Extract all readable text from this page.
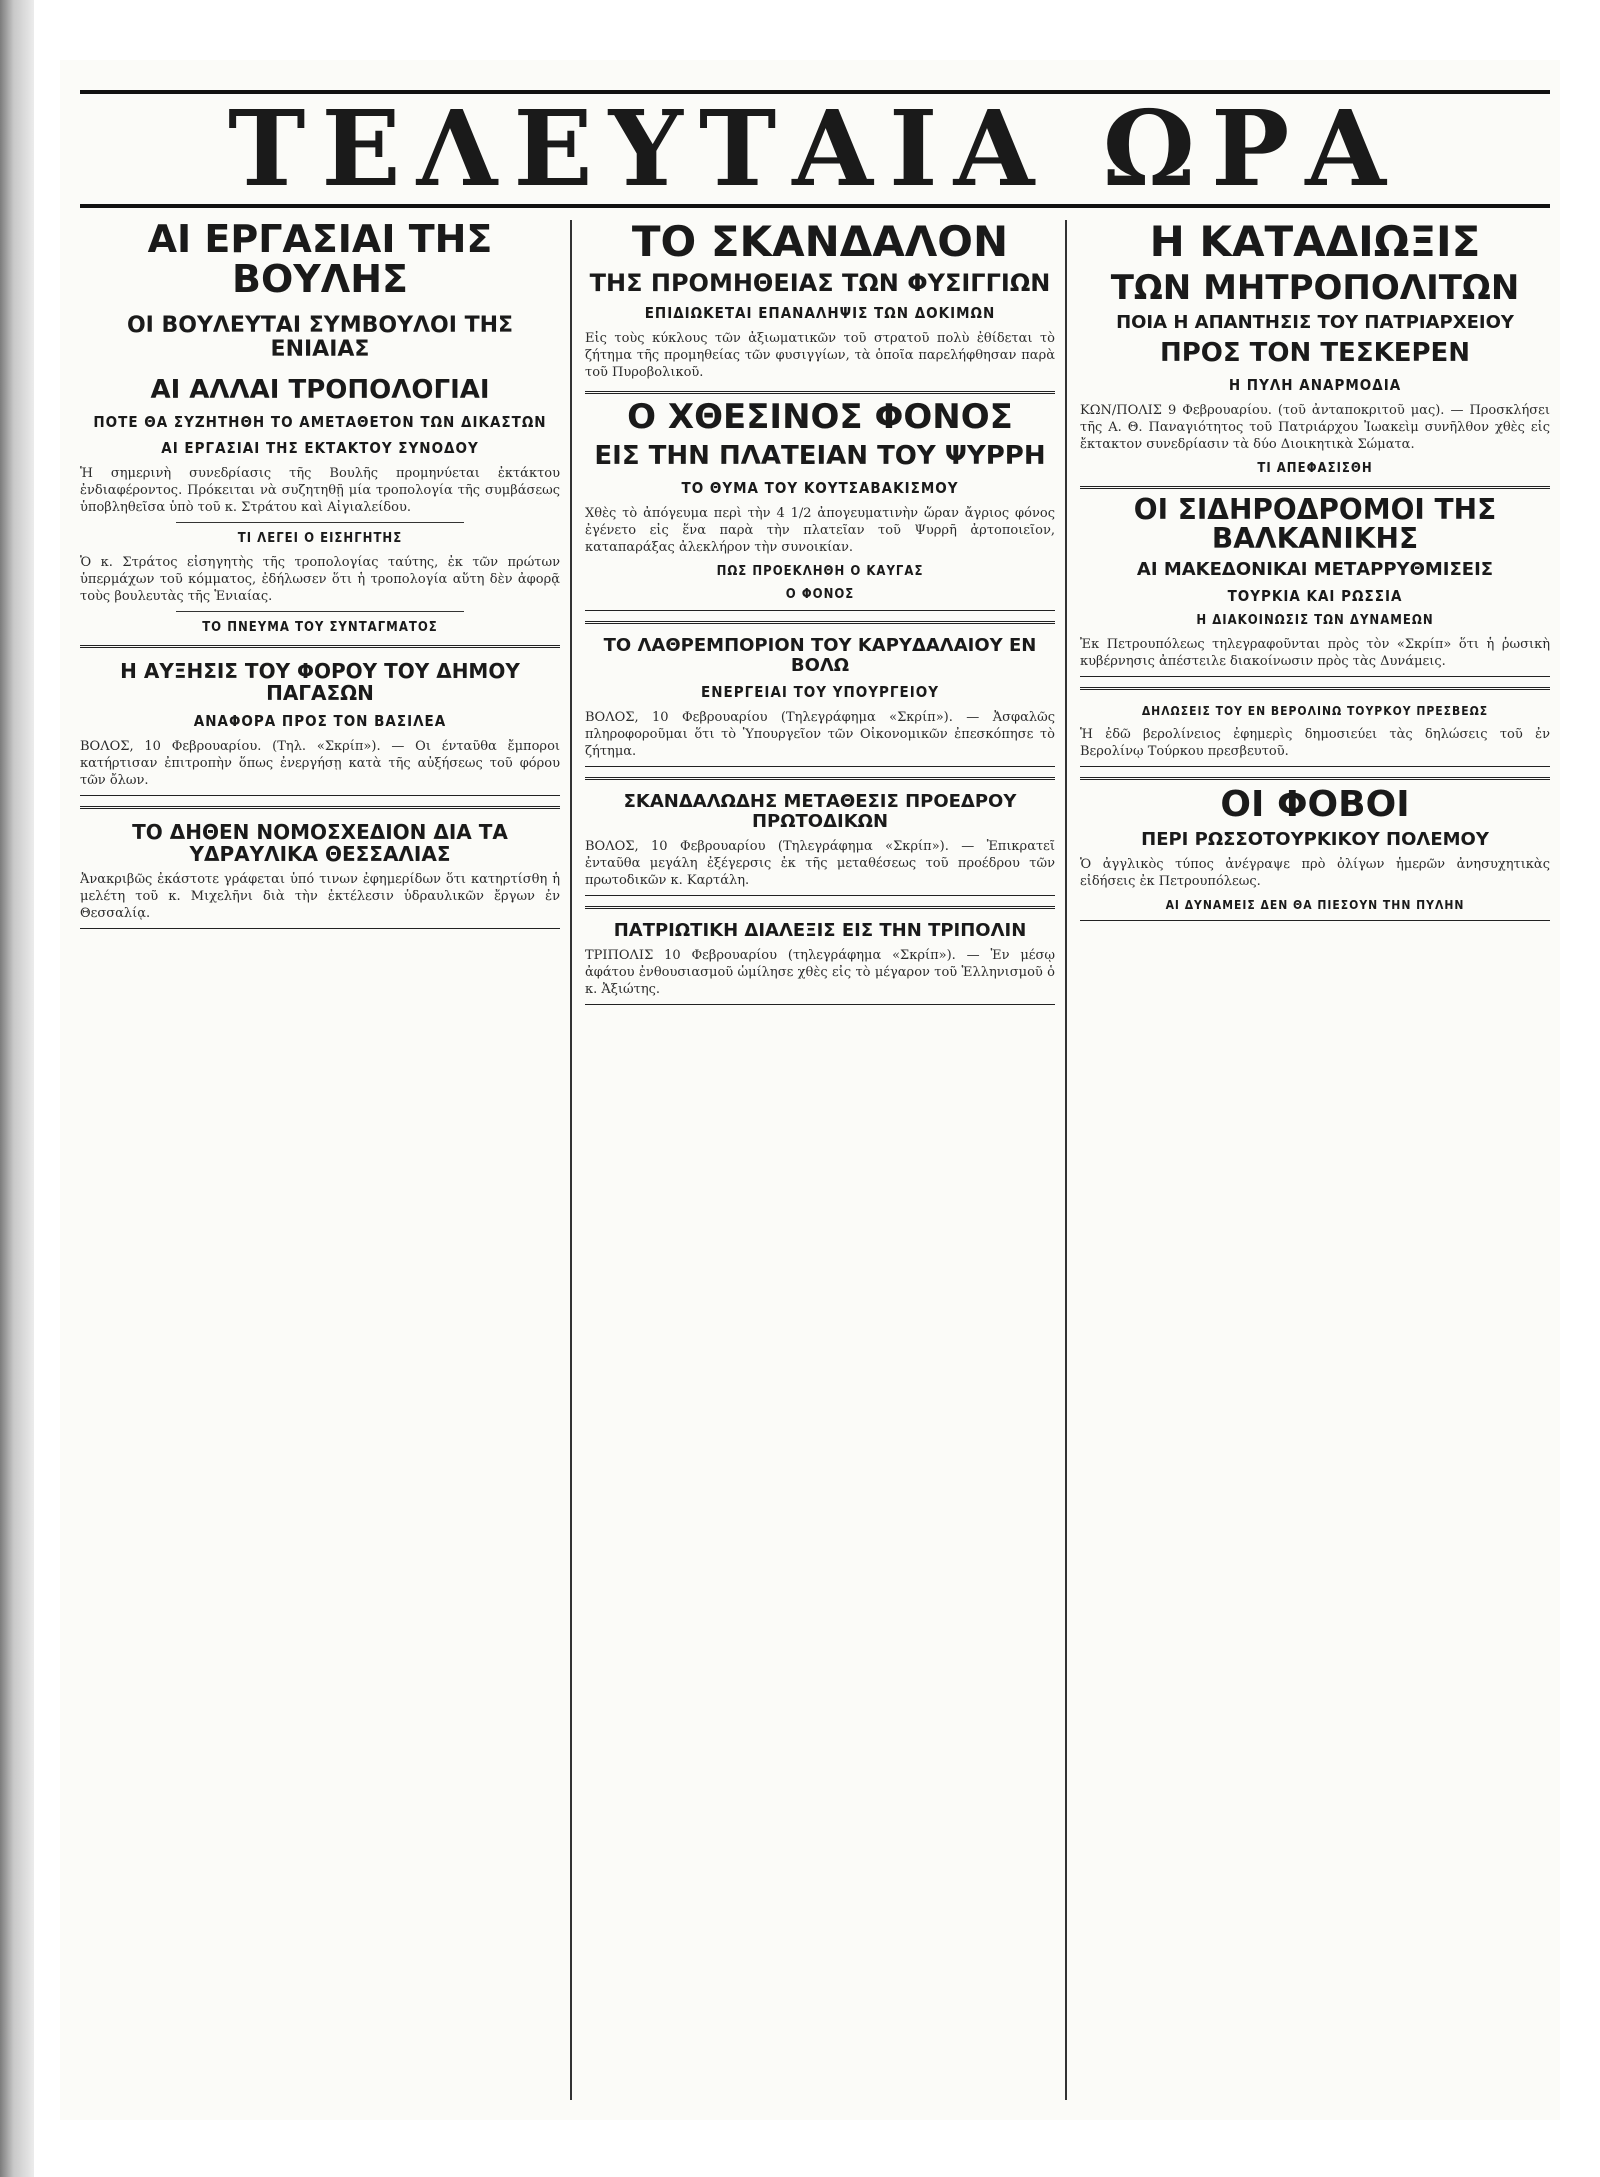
ΤΕΛΕΥΤΑΙΑ ΩΡΑ

ΑΙ ΕΡΓΑΣΙΑΙ ΤΗΣ ΒΟΥΛΗΣ

ΟΙ ΒΟΥΛΕΥΤΑΙ ΣΥΜΒΟΥΛΟΙ ΤΗΣ ΕΝΙΑΙΑΣ

ΑΙ ΑΛΛΑΙ ΤΡΟΠΟΛΟΓΙΑΙ

ΠΟΤΕ ΘΑ ΣΥΖΗΤΗΘΗ ΤΟ ΑΜΕΤΑΘΕΤΟΝ ΤΩΝ ΔΙΚΑΣΤΩΝ

ΑΙ ΕΡΓΑΣΙΑΙ ΤΗΣ ΕΚΤΑΚΤΟΥ ΣΥΝΟΔΟΥ

Ἡ σημερινὴ συνεδρίασις τῆς Βουλῆς προμηνύεται ἐκτάκτου ἐνδιαφέροντος. Πρόκειται νὰ συζητηθῇ μία τροπολογία τῆς συμβάσεως ὑποβληθεῖσα ὑπὸ τοῦ κ. Στράτου καὶ Αἰγιαλείδου.

ΤΙ ΛΕΓΕΙ Ο ΕΙΣΗΓΗΤΗΣ

Ὁ κ. Στράτος εἰσηγητὴς τῆς τροπολογίας ταύτης, ἐκ τῶν πρώτων ὑπερμάχων τοῦ κόμματος, ἐδήλωσεν ὅτι ἡ τροπολογία αὕτη δὲν ἀφορᾷ τοὺς βουλευτὰς τῆς Ἑνιαίας.

ΤΟ ΠΝΕΥΜΑ ΤΟΥ ΣΥΝΤΑΓΜΑΤΟΣ

Η ΑΥΞΗΣΙΣ ΤΟΥ ΦΟΡΟΥ ΤΟΥ ΔΗΜΟΥ ΠΑΓΑΣΩΝ

ΑΝΑΦΟΡΑ ΠΡΟΣ ΤΟΝ ΒΑΣΙΛΕΑ

ΒΟΛΟΣ, 10 Φεβρουαρίου. (Τηλ. «Σκρίπ»). — Οι ένταῦθα ἔμποροι κατήρτισαν ἐπιτροπὴν ὅπως ἐνεργήσῃ κατὰ τῆς αὐξήσεως τοῦ φόρου τῶν ὄλων.

ΤΟ ΔΗΘΕΝ ΝΟΜΟΣΧΕΔΙΟΝ ΔΙΑ ΤΑ ΥΔΡΑΥΛΙΚΑ ΘΕΣΣΑΛΙΑΣ

Ἀνακριβῶς ἐκάστοτε γράφεται ὑπό τινων ἐφημερίδων ὅτι κατηρτίσθη ἡ μελέτη τοῦ κ. Μιχελῆνι διὰ τὴν ἐκτέλεσιν ὑδραυλικῶν ἔργων ἐν Θεσσαλίᾳ.

ΤΟ ΣΚΑΝΔΑΛΟΝ

ΤΗΣ ΠΡΟΜΗΘΕΙΑΣ ΤΩΝ ΦΥΣΙΓΓΙΩΝ

ΕΠΙΔΙΩΚΕΤΑΙ ΕΠΑΝΑΛΗΨΙΣ ΤΩΝ ΔΟΚΙΜΩΝ

Εἰς τοὺς κύκλους τῶν ἀξιωματικῶν τοῦ στρατοῦ πολὺ ἐθίδεται τὸ ζήτημα τῆς προμηθείας τῶν φυσιγγίων, τὰ ὁποῖα παρελήφθησαν παρὰ τοῦ Πυροβολικοῦ.

Ο ΧΘΕΣΙΝΟΣ ΦΟΝΟΣ

ΕΙΣ ΤΗΝ ΠΛΑΤΕΙΑΝ ΤΟΥ ΨΥΡΡΗ

ΤΟ ΘΥΜΑ ΤΟΥ ΚΟΥΤΣΑΒΑΚΙΣΜΟΥ

Χθὲς τὸ ἀπόγευμα περὶ τὴν 4 1/2 ἀπογευματινὴν ὥραν ἄγριος φόνος ἐγένετο εἰς ἕνα παρὰ τὴν πλατεῖαν τοῦ Ψυρρῆ ἀρτοποιεῖον, καταπαράξας ἀλεκλήρον τὴν συνοικίαν.

ΠΩΣ ΠΡΟΕΚΛΗΘΗ Ο ΚΑΥΓΑΣ

Ο ΦΟΝΟΣ

ΤΟ ΛΑΘΡΕΜΠΟΡΙΟΝ ΤΟΥ ΚΑΡΥΔΑΛΑΙΟΥ ΕΝ ΒΟΛΩ

ΕΝΕΡΓΕΙΑΙ ΤΟΥ ΥΠΟΥΡΓΕΙΟΥ

ΒΟΛΟΣ, 10 Φεβρουαρίου (Τηλεγράφημα «Σκρίπ»). — Ἀσφαλῶς πληροφοροῦμαι ὅτι τὸ Ὑπουργεῖον τῶν Οἰκονομικῶν ἐπεσκόπησε τὸ ζήτημα.

ΣΚΑΝΔΑΛΩΔΗΣ ΜΕΤΑΘΕΣΙΣ ΠΡΟΕΔΡΟΥ ΠΡΩΤΟΔΙΚΩΝ

ΒΟΛΟΣ, 10 Φεβρουαρίου (Τηλεγράφημα «Σκρίπ»). — Ἐπικρατεῖ ἐνταῦθα μεγάλη ἐξέγερσις ἐκ τῆς μεταθέσεως τοῦ προέδρου τῶν πρωτοδικῶν κ. Καρτάλη.

ΠΑΤΡΙΩΤΙΚΗ ΔΙΑΛΕΞΙΣ ΕΙΣ ΤΗΝ ΤΡΙΠΟΛΙΝ

ΤΡΙΠΟΛΙΣ 10 Φεβρουαρίου (τηλεγράφημα «Σκρίπ»). — Ἐν μέσῳ ἀφάτου ἐνθουσιασμοῦ ὡμίλησε χθὲς εἰς τὸ μέγαρον τοῦ Ἑλληνισμοῦ ὁ κ. Ἀξιώτης.

Η ΚΑΤΑΔΙΩΞΙΣ

ΤΩΝ ΜΗΤΡΟΠΟΛΙΤΩΝ

ΠΟΙΑ Η ΑΠΑΝΤΗΣΙΣ ΤΟΥ ΠΑΤΡΙΑΡΧΕΙΟΥ

ΠΡΟΣ ΤΟΝ ΤΕΣΚΕΡΕΝ

Η ΠΥΛΗ ΑΝΑΡΜΟΔΙΑ

ΚΩΝ/ΠΟΛΙΣ 9 Φεβρουαρίου. (τοῦ ἀνταποκριτοῦ μας). — Προσκλήσει τῆς Α. Θ. Παναγιότητος τοῦ Πατριάρχου Ἰωακεὶμ συνῆλθον χθὲς εἰς ἔκτακτον συνεδρίασιν τὰ δύο Διοικητικὰ Σώματα.

ΤΙ ΑΠΕΦΑΣΙΣΘΗ

ΟΙ ΣΙΔΗΡΟΔΡΟΜΟΙ ΤΗΣ ΒΑΛΚΑΝΙΚΗΣ

ΑΙ ΜΑΚΕΔΟΝΙΚΑΙ ΜΕΤΑΡΡΥΘΜΙΣΕΙΣ

ΤΟΥΡΚΙΑ ΚΑΙ ΡΩΣΣΙΑ

Η ΔΙΑΚΟΙΝΩΣΙΣ ΤΩΝ ΔΥΝΑΜΕΩΝ

Ἐκ Πετρουπόλεως τηλεγραφοῦνται πρὸς τὸν «Σκρίπ» ὅτι ἡ ῥωσικὴ κυβέρνησις ἀπέστειλε διακοίνωσιν πρὸς τὰς Δυνάμεις.

ΔΗΛΩΣΕΙΣ ΤΟΥ ΕΝ ΒΕΡΟΛΙΝΩ ΤΟΥΡΚΟΥ ΠΡΕΣΒΕΩΣ

Ἡ ἐδῶ βερολίνειος ἐφημερὶς δημοσιεύει τὰς δηλώσεις τοῦ ἐν Βερολίνῳ Τούρκου πρεσβευτοῦ.

ΟΙ ΦΟΒΟΙ

ΠΕΡΙ ΡΩΣΣΟΤΟΥΡΚΙΚΟΥ ΠΟΛΕΜΟΥ

Ὁ ἀγγλικὸς τύπος ἀνέγραψε πρὸ ὀλίγων ἡμερῶν ἀνησυχητικὰς εἰδήσεις ἐκ Πετρουπόλεως.

ΑΙ ΔΥΝΑΜΕΙΣ ΔΕΝ ΘΑ ΠΙΕΣΟΥΝ ΤΗΝ ΠΥΛΗΝ
